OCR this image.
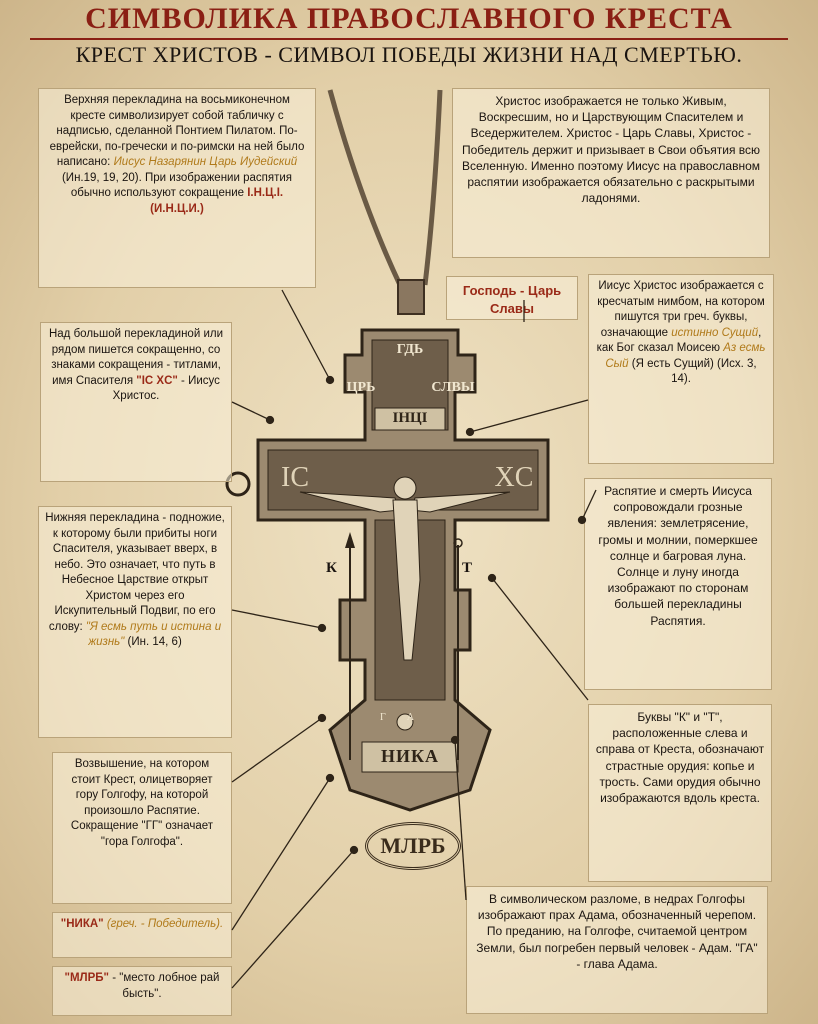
СИМВОЛИКА ПРАВОСЛАВНОГО КРЕСТА
КРЕСТ ХРИСТОВ - СИМВОЛ ПОБЕДЫ ЖИЗНИ НАД СМЕРТЬЮ.
ГДЬ
ЦРЬ	СЛВЫ
IНЦI
IC	XC
К	Т
ГА
НИКА
МЛРБ
Верхняя перекладина на восьмиконечном кресте символизирует собой табличку с надписью, сделанной Понтием Пилатом. По-еврейски, по-гречески и по-римски на ней было написано: Иисус Назарянин Царь Иудейский (Ин.19, 19, 20). При изображении распятия обычно используют сокращение I.Н.Ц.I. (И.Н.Ц.И.)
Христос изображается не только Живым, Воскресшим, но и Царствующим Спасителем и Вседержителем. Христос - Царь Славы, Христос - Победитель держит и призывает в Свои объятия всю Вселенную. Именно поэтому Иисус на православном распятии изображается обязательно с раскрытыми ладонями.
Господь - Царь Славы
Иисус Христос изображается с кресчатым нимбом, на котором пишутся три греч. буквы, означающие истинно Сущий, как Бог сказал Моисею Аз есмь Сый (Я есть Сущий) (Исх. 3, 14).
Над большой перекладиной или рядом пишется сокращенно, со знаками сокращения - титлами, имя Спасителя "IC XC" - Иисус Христос.
Распятие и смерть Иисуса сопровождали грозные явления: землетрясение, громы и молнии, померкшее солнце и багровая луна. Солнце и луну иногда изображают по сторонам большей перекладины Распятия.
Нижняя перекладина - подножие, к которому были прибиты ноги Спасителя, указывает вверх, в небо. Это означает, что путь в Небесное Царствие открыт Христом через его Искупительный Подвиг, по его слову: "Я есмь путь и истина и жизнь" (Ин. 14, 6)
Буквы "К" и "Т", расположенные слева и справа от Креста, обозначают страстные орудия: копье и трость. Сами орудия обычно изображаются вдоль креста.
Возвышение, на котором стоит Крест, олицетворяет гору Голгофу, на которой произошло Распятие. Сокращение "ГГ" означает "гора Голгофа".
"НИКА" (греч. - Победитель).
"МЛРБ" - "место лобное рай бысть".
В символическом разломе, в недрах Голгофы изображают прах Адама, обозначенный черепом. По преданию, на Голгофе, считаемой центром Земли, был погребен первый человек - Адам. "ГА" - глава Адама.
